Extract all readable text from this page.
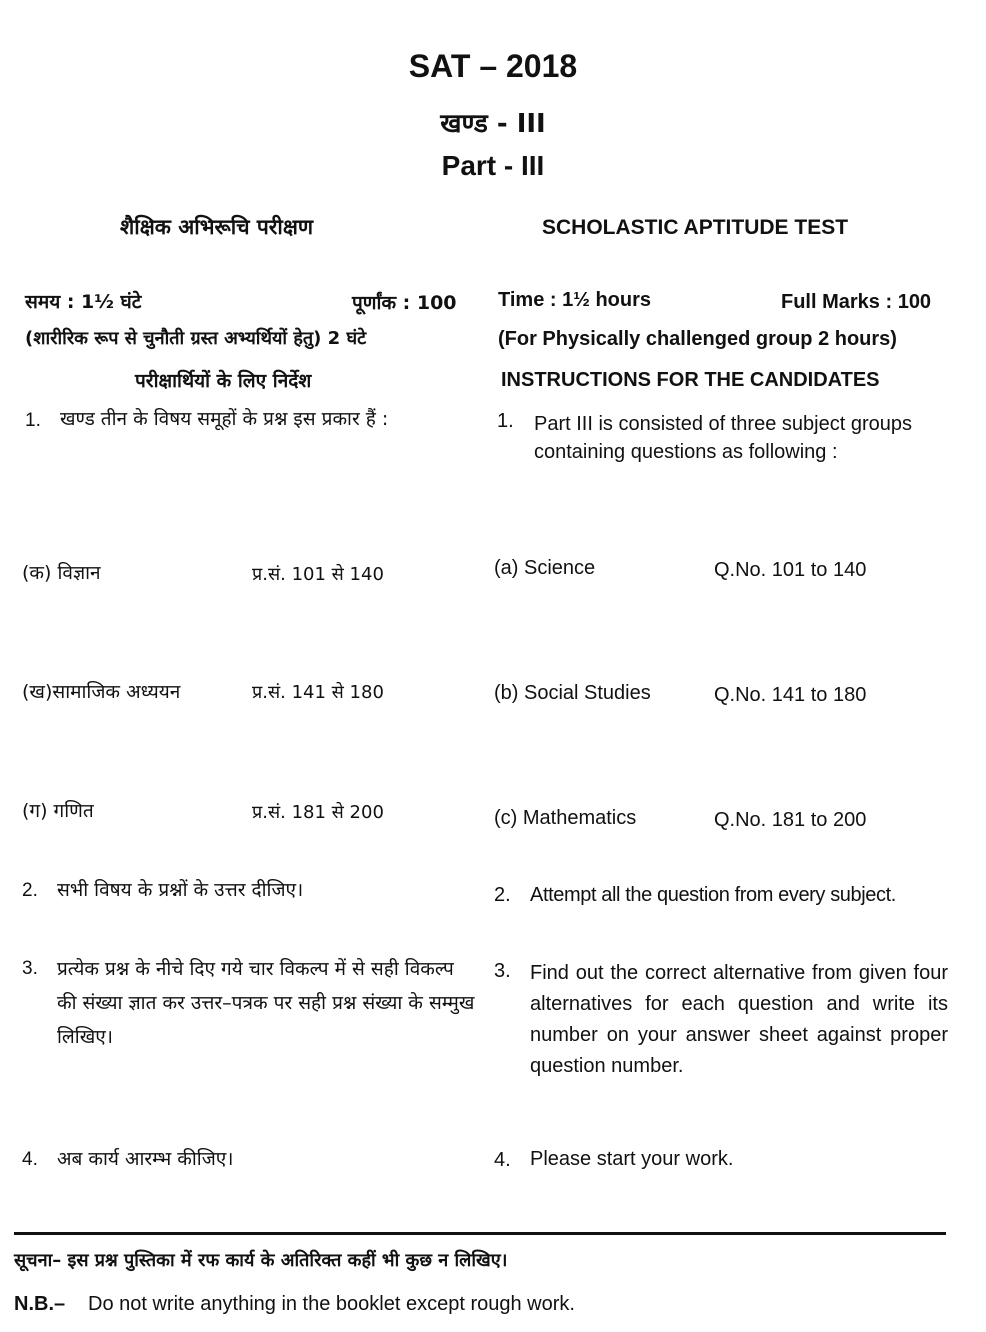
SAT – 2018
खण्ड - III
Part - III
शैक्षिक अभिरूचि परीक्षण	SCHOLASTIC APTITUDE TEST
समय : 1½ घंटे	पूर्णांक : 100 Time : 1½ hours	Full Marks : 100
(शारीरिक रूप से चुनौती ग्रस्त अभ्यर्थियों हेतु) 2 घंटे	(For Physically challenged group 2 hours)
परीक्षार्थियों के लिए निर्देश	INSTRUCTIONS FOR THE CANDIDATES
1. खण्ड तीन के विषय समूहों के प्रश्न इस प्रकार हैं :	1. Part III is consisted of three subject groups containing questions as following :
(क) विज्ञान	प्र.सं. 101 से 140	(a) Science	Q.No. 101 to 140
(ख)सामाजिक अध्ययन	प्र.सं. 141 से 180	(b) Social Studies	Q.No. 141 to 180
(ग) गणित	प्र.सं. 181 से 200	(c) Mathematics	Q.No. 181 to 200
2. सभी विषय के प्रश्नों के उत्तर दीजिए।	2. Attempt all the question from every subject.
3. प्रत्येक प्रश्न के नीचे दिए गये चार विकल्प में से सही विकल्प की संख्या ज्ञात कर उत्तर–पत्रक पर सही प्रश्न संख्या के सम्मुख लिखिए।
3. Find out the correct alternative from given four alternatives for each question and write its number on your answer sheet against proper question number.
4. अब कार्य आरम्भ कीजिए।	4. Please start your work.
सूचना– इस प्रश्न पुस्तिका में रफ कार्य के अतिरिक्त कहीं भी कुछ न लिखिए।
N.B.– Do not write anything in the booklet except rough work.
